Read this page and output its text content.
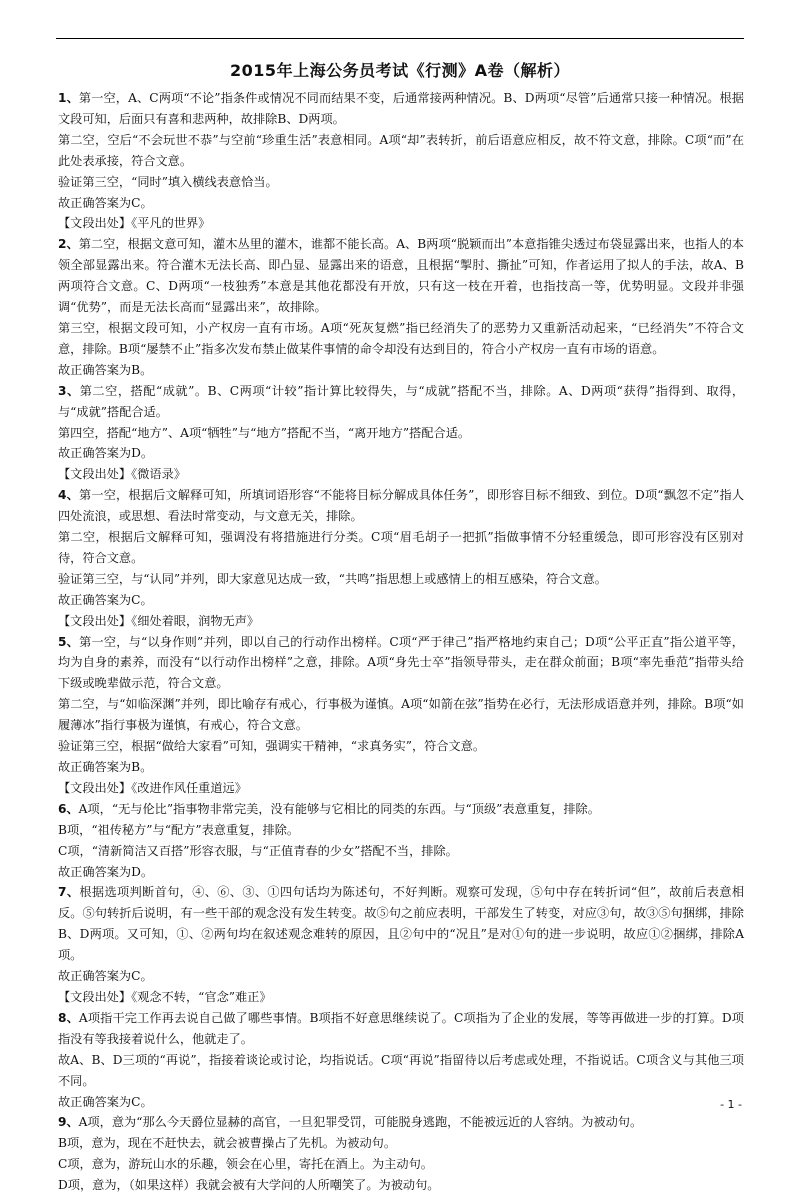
2015年上海公务员考试《行测》A卷（解析）

1、第一空，A、C两项“不论”指条件或情况不同而结果不变，后通常接两种情况。B、D两项“尽管”后通常只接一种情况。根据文段可知，后面只有喜和悲两种，故排除B、D两项。

第二空，空后“不会玩世不恭”与空前“珍重生活”表意相同。A项“却”表转折，前后语意应相反，故不符文意，排除。C项“而”在此处表承接，符合文意。

验证第三空，“同时”填入横线表意恰当。

故正确答案为C。

【文段出处】《平凡的世界》

2、第二空，根据文意可知，灌木丛里的灌木，谁都不能长高。A、B两项“脱颖而出”本意指锥尖透过布袋显露出来，也指人的本领全部显露出来。符合灌木无法长高、即凸显、显露出来的语意，且根据“掣肘、撕扯”可知，作者运用了拟人的手法，故A、B两项符合文意。C、D两项“一枝独秀”本意是其他花都没有开放，只有这一枝在开着，也指技高一等，优势明显。文段并非强调“优势”，而是无法长高而“显露出来”，故排除。

第三空，根据文段可知，小产权房一直有市场。A项“死灰复燃”指已经消失了的恶势力又重新活动起来，“已经消失”不符合文意，排除。B项“屡禁不止”指多次发布禁止做某件事情的命令却没有达到目的，符合小产权房一直有市场的语意。

故正确答案为B。

3、第二空，搭配“成就”。B、C两项“计较”指计算比较得失，与“成就”搭配不当，排除。A、D两项“获得”指得到、取得，与“成就”搭配合适。

第四空，搭配“地方”、A项“牺牲”与“地方”搭配不当，“离开地方”搭配合适。

故正确答案为D。

【文段出处】《微语录》

4、第一空，根据后文解释可知，所填词语形容“不能将目标分解成具体任务”，即形容目标不细致、到位。D项“飘忽不定”指人四处流浪，或思想、看法时常变动，与文意无关，排除。

第二空，根据后文解释可知，强调没有将措施进行分类。C项“眉毛胡子一把抓”指做事情不分轻重缓急，即可形容没有区别对待，符合文意。

验证第三空，与“认同”并列，即大家意见达成一致，“共鸣”指思想上或感情上的相互感染，符合文意。

故正确答案为C。

【文段出处】《细处着眼，润物无声》

5、第一空，与“以身作则”并列，即以自己的行动作出榜样。C项“严于律己”指严格地约束自己；D项“公平正直”指公道平等，均为自身的素养，而没有“以行动作出榜样”之意，排除。A项“身先士卒”指领导带头，走在群众前面；B项“率先垂范”指带头给下级或晚辈做示范，符合文意。

第二空，与“如临深渊”并列，即比喻存有戒心，行事极为谨慎。A项“如箭在弦”指势在必行，无法形成语意并列，排除。B项“如履薄冰”指行事极为谨慎，有戒心，符合文意。

验证第三空，根据“做给大家看”可知，强调实干精神，“求真务实”，符合文意。

故正确答案为B。

【文段出处】《改进作风任重道远》

6、A项，“无与伦比”指事物非常完美，没有能够与它相比的同类的东西。与“顶级”表意重复，排除。

B项，“祖传秘方”与“配方”表意重复，排除。

C项，“清新简洁又百搭”形容衣服，与“正值青春的少女”搭配不当，排除。

故正确答案为D。

7、根据选项判断首句，④、⑥、③、①四句话均为陈述句，不好判断。观察可发现，⑤句中存在转折词“但”，故前后表意相反。⑤句转折后说明，有一些干部的观念没有发生转变。故⑤句之前应表明，干部发生了转变，对应③句，故③⑤句捆绑，排除B、D两项。又可知，①、②两句均在叙述观念难转的原因，且②句中的“况且”是对①句的进一步说明，故应①②捆绑，排除A项。

故正确答案为C。

【文段出处】《观念不转，“官念”难正》

8、A项指干完工作再去说自己做了哪些事情。B项指不好意思继续说了。C项指为了企业的发展，等等再做进一步的打算。D项指没有等我接着说什么，他就走了。

故A、B、D三项的“再说”，指接着谈论或讨论，均指说话。C项“再说”指留待以后考虑或处理，不指说话。C项含义与其他三项不同。

故正确答案为C。

9、A项，意为“那么今天爵位显赫的高官，一旦犯罪受罚，可能脱身逃跑，不能被远近的人容纳。为被动句。

B项，意为，现在不赶快去，就会被曹操占了先机。为被动句。

C项，意为，游玩山水的乐趣，领会在心里，寄托在酒上。为主动句。

D项，意为，（如果这样）我就会被有大学问的人所嘲笑了。为被动句。

- 1 -
